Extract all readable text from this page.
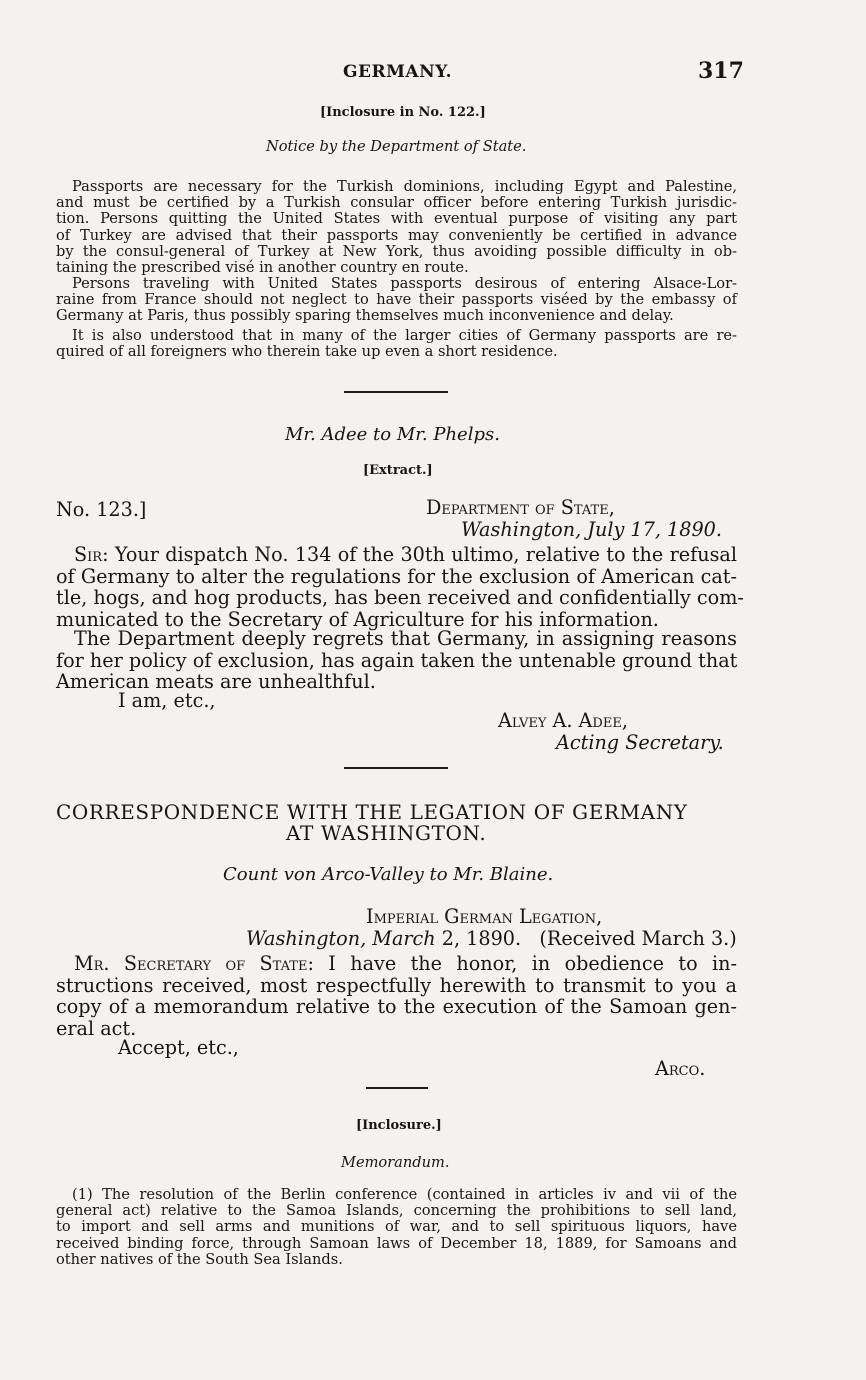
GERMANY.	317
[Inclosure in No. 122.]
Notice by the Department of State.
Passports are necessary for the Turkish dominions, including Egypt and Palestine,
and must be certified by a Turkish consular officer before entering Turkish jurisdic-
tion. Persons quitting the United States with eventual purpose of visiting any part
of Turkey are advised that their passports may conveniently be certified in advance
by the consul-general of Turkey at New York, thus avoiding possible difficulty in ob-
taining the prescribed visé in another country en route.
Persons traveling with United States passports desirous of entering Alsace-Lor-
raine from France should not neglect to have their passports viséed by the embassy of
Germany at Paris, thus possibly sparing themselves much inconvenience and delay.
It is also understood that in many of the larger cities of Germany passports are re-
quired of all foreigners who therein take up even a short residence.
Mr. Adee to Mr. Phelps.
[Extract.]
No. 123.]	Department of State,
Washington, July 17, 1890.
Sir: Your dispatch No. 134 of the 30th ultimo, relative to the refusal
of Germany to alter the regulations for the exclusion of American cat-
tle, hogs, and hog products, has been received and confidentially com-
municated to the Secretary of Agriculture for his information.
The Department deeply regrets that Germany, in assigning reasons
for her policy of exclusion, has again taken the untenable ground that
American meats are unhealthful.
I am, etc.,
Alvey A. Adee,
Acting Secretary.
CORRESPONDENCE WITH THE LEGATION OF GERMANY
AT WASHINGTON.
Count von Arco-Valley to Mr. Blaine.
Imperial German Legation,
Washington, March 2, 1890.   (Received March 3.)
Mr. Secretary of State: I have the honor, in obedience to in-
structions received, most respectfully herewith to transmit to you a
copy of a memorandum relative to the execution of the Samoan gen-
eral act.
Accept, etc.,
Arco.
[Inclosure.]
Memorandum.
(1) The resolution of the Berlin conference (contained in articles iv and vii of the
general act) relative to the Samoa Islands, concerning the prohibitions to sell land,
to import and sell arms and munitions of war, and to sell spirituous liquors, have
received binding force, through Samoan laws of December 18, 1889, for Samoans and
other natives of the South Sea Islands.
